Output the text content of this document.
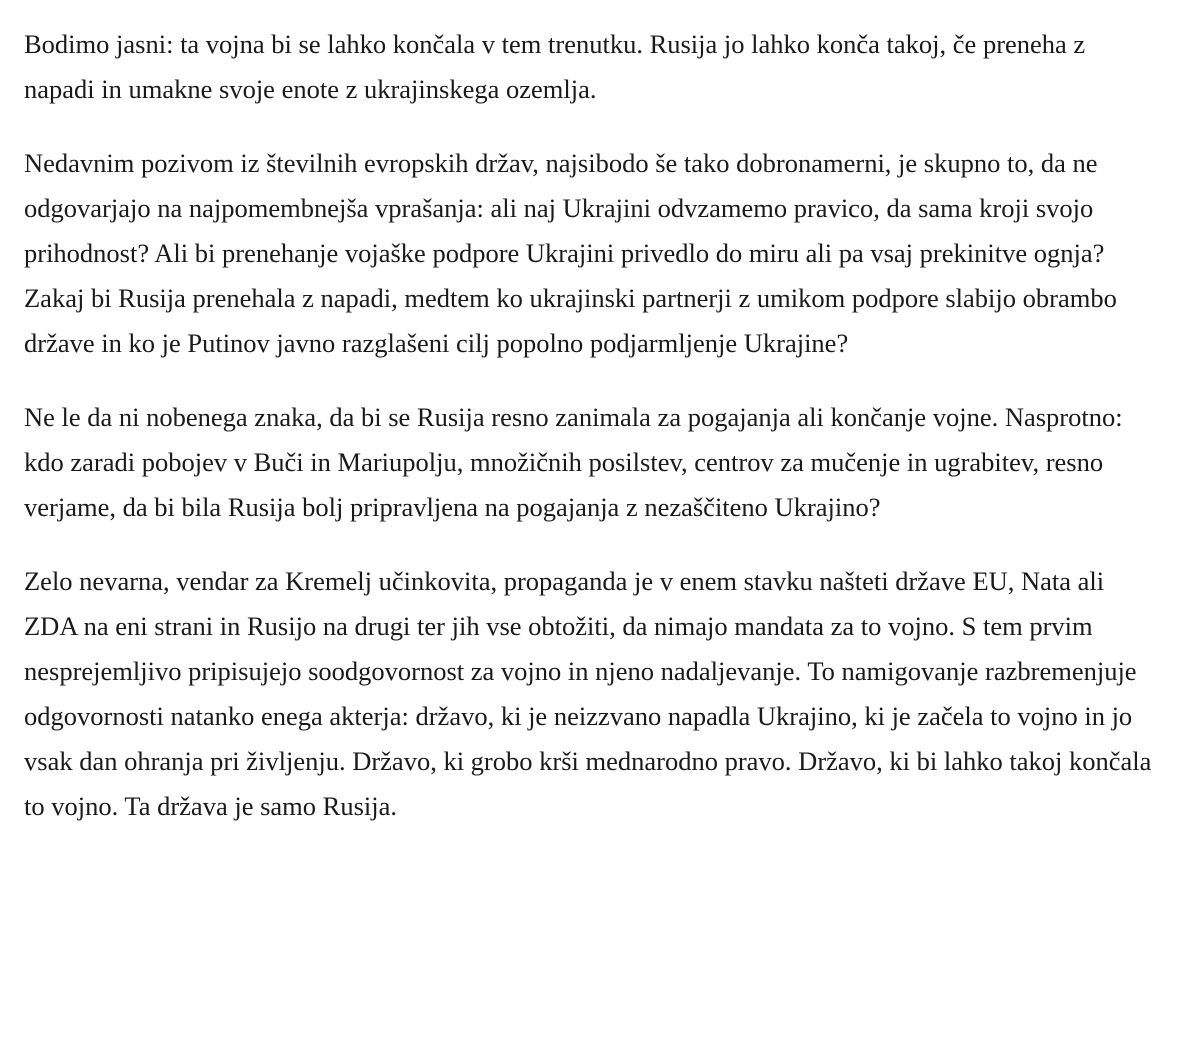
Bodimo jasni: ta vojna bi se lahko končala v tem trenutku. Rusija jo lahko konča takoj, če preneha z napadi in umakne svoje enote z ukrajinskega ozemlja.

Nedavnim pozivom iz številnih evropskih držav, najsibodo še tako dobronamerni, je skupno to, da ne odgovarjajo na najpomembnejša vprašanja: ali naj Ukrajini odvzamemo pravico, da sama kroji svojo prihodnost? Ali bi prenehanje vojaške podpore Ukrajini privedlo do miru ali pa vsaj prekinitve ognja? Zakaj bi Rusija prenehala z napadi, medtem ko ukrajinski partnerji z umikom podpore slabijo obrambo države in ko je Putinov javno razglašeni cilj popolno podjarmljenje Ukrajine?

Ne le da ni nobenega znaka, da bi se Rusija resno zanimala za pogajanja ali končanje vojne. Nasprotno: kdo zaradi pobojev v Buči in Mariupolju, množičnih posilstev, centrov za mučenje in ugrabitev, resno verjame, da bi bila Rusija bolj pripravljena na pogajanja z nezaščiteno Ukrajino?

Zelo nevarna, vendar za Kremelj učinkovita, propaganda je v enem stavku našteti države EU, Nata ali ZDA na eni strani in Rusijo na drugi ter jih vse obtožiti, da nimajo mandata za to vojno. S tem prvim nesprejemljivo pripisujejo soodgovornost za vojno in njeno nadaljevanje. To namigovanje razbremenjuje odgovornosti natanko enega akterja: državo, ki je neizzvano napadla Ukrajino, ki je začela to vojno in jo vsak dan ohranja pri življenju. Državo, ki grobo krši mednarodno pravo. Državo, ki bi lahko takoj končala to vojno. Ta država je samo Rusija.
